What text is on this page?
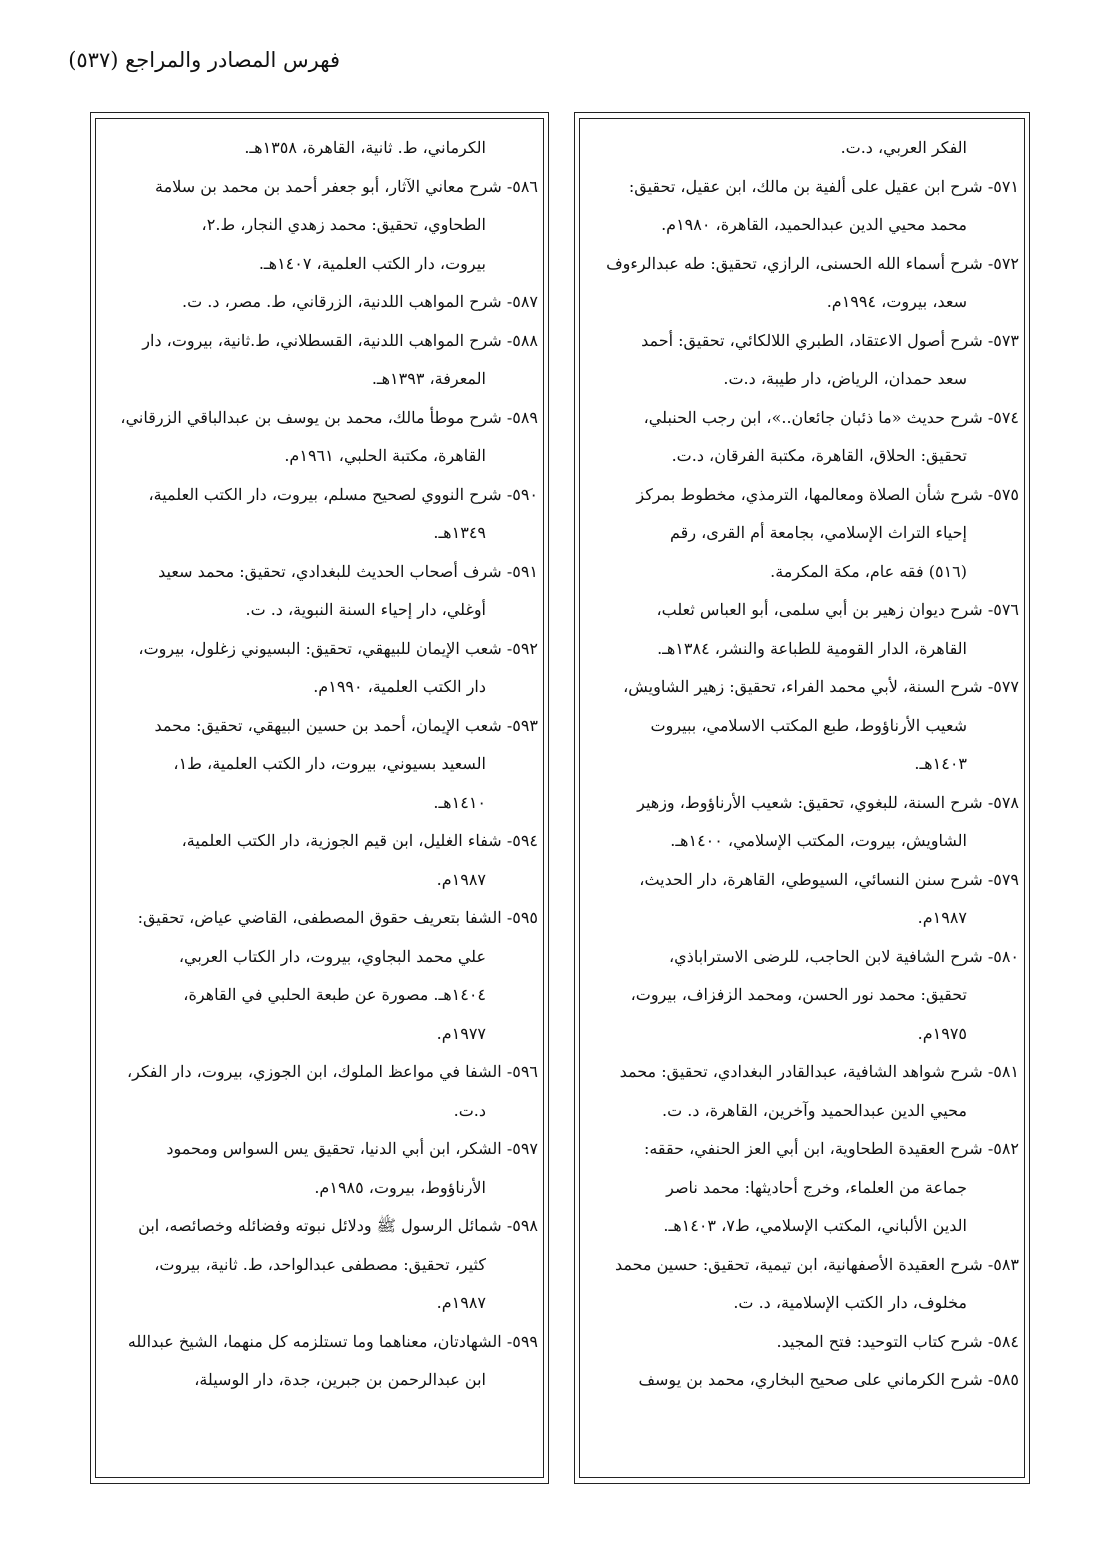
فهرس المصادر والمراجع (٥٣٧)
الفكر العربي، د.ت.
٥٧١- شرح ابن عقيل على ألفية بن مالك، ابن عقيل، تحقيق:
محمد محيي الدين عبدالحميد، القاهرة، ١٩٨٠م.
٥٧٢- شرح أسماء الله الحسنى، الرازي، تحقيق: طه عبدالرءوف
سعد، بيروت، ١٩٩٤م.
٥٧٣- شرح أصول الاعتقاد، الطبري اللالكائي، تحقيق: أحمد
سعد حمدان، الرياض، دار طيبة، د.ت.
٥٧٤- شرح حديث «ما ذئبان جائعان..»، ابن رجب الحنبلي،
تحقيق: الحلاق، القاهرة، مكتبة الفرقان، د.ت.
٥٧٥- شرح شأن الصلاة ومعالمها، الترمذي، مخطوط بمركز
إحياء التراث الإسلامي، بجامعة أم القرى، رقم
(٥١٦) فقه عام، مكة المكرمة.
٥٧٦- شرح ديوان زهير بن أبي سلمى، أبو العباس ثعلب،
القاهرة، الدار القومية للطباعة والنشر، ١٣٨٤هـ.
٥٧٧- شرح السنة، لأبي محمد الفراء، تحقيق: زهير الشاويش،
شعيب الأرناؤوط، طبع المكتب الاسلامي، ببيروت
١٤٠٣هـ.
٥٧٨- شرح السنة، للبغوي، تحقيق: شعيب الأرناؤوط، وزهير
الشاويش، بيروت، المكتب الإسلامي، ١٤٠٠هـ.
٥٧٩- شرح سنن النسائي، السيوطي، القاهرة، دار الحديث،
١٩٨٧م.
٥٨٠- شرح الشافية لابن الحاجب، للرضى الاستراباذي،
تحقيق: محمد نور الحسن، ومحمد الزفزاف، بيروت،
١٩٧٥م.
٥٨١- شرح شواهد الشافية، عبدالقادر البغدادي، تحقيق: محمد
محيي الدين عبدالحميد وآخرين، القاهرة، د. ت.
٥٨٢- شرح العقيدة الطحاوية، ابن أبي العز الحنفي، حققه:
جماعة من العلماء، وخرج أحاديثها: محمد ناصر
الدين الألباني، المكتب الإسلامي، ط٧، ١٤٠٣هـ.
٥٨٣- شرح العقيدة الأصفهانية، ابن تيمية، تحقيق: حسين محمد
مخلوف، دار الكتب الإسلامية، د. ت.
٥٨٤- شرح كتاب التوحيد: فتح المجيد.
٥٨٥- شرح الكرماني على صحيح البخاري، محمد بن يوسف
الكرماني، ط. ثانية، القاهرة، ١٣٥٨هـ.
٥٨٦- شرح معاني الآثار، أبو جعفر أحمد بن محمد بن سلامة
الطحاوي، تحقيق: محمد زهدي النجار، ط.٢،
بيروت، دار الكتب العلمية، ١٤٠٧هـ.
٥٨٧- شرح المواهب اللدنية، الزرقاني، ط. مصر، د. ت.
٥٨٨- شرح المواهب اللدنية، القسطلاني، ط.ثانية، بيروت، دار
المعرفة، ١٣٩٣هـ.
٥٨٩- شرح موطأ مالك، محمد بن يوسف بن عبدالباقي الزرقاني،
القاهرة، مكتبة الحلبي، ١٩٦١م.
٥٩٠- شرح النووي لصحيح مسلم، بيروت، دار الكتب العلمية،
١٣٤٩هـ.
٥٩١- شرف أصحاب الحديث للبغدادي، تحقيق: محمد سعيد
أوغلي، دار إحياء السنة النبوية، د. ت.
٥٩٢- شعب الإيمان للبيهقي، تحقيق: البسيوني زغلول، بيروت،
دار الكتب العلمية، ١٩٩٠م.
٥٩٣- شعب الإيمان، أحمد بن حسين البيهقي، تحقيق: محمد
السعيد بسيوني، بيروت، دار الكتب العلمية، ط١،
١٤١٠هـ.
٥٩٤- شفاء الغليل، ابن قيم الجوزية، دار الكتب العلمية،
١٩٨٧م.
٥٩٥- الشفا بتعريف حقوق المصطفى، القاضي عياض، تحقيق:
علي محمد البجاوي، بيروت، دار الكتاب العربي،
١٤٠٤هـ. مصورة عن طبعة الحلبي في القاهرة،
١٩٧٧م.
٥٩٦- الشفا في مواعظ الملوك، ابن الجوزي، بيروت، دار الفكر،
د.ت.
٥٩٧- الشكر، ابن أبي الدنيا، تحقيق يس السواس ومحمود
الأرناؤوط، بيروت، ١٩٨٥م.
٥٩٨- شمائل الرسول ﷺ ودلائل نبوته وفضائله وخصائصه، ابن
كثير، تحقيق: مصطفى عبدالواحد، ط. ثانية، بيروت،
١٩٨٧م.
٥٩٩- الشهادتان، معناهما وما تستلزمه كل منهما، الشيخ عبدالله
ابن عبدالرحمن بن جبرين، جدة، دار الوسيلة،
